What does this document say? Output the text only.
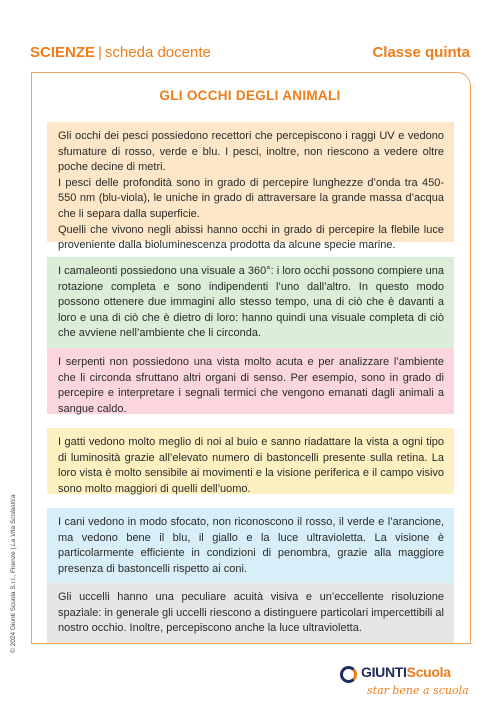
SCIENZE | scheda docente	Classe quinta
GLI OCCHI DEGLI ANIMALI

Gli occhi dei pesci possiedono recettori che percepiscono i raggi UV e vedono sfumature di rosso, verde e blu. I pesci, inoltre, non riescono a vedere oltre poche decine di metri.

I pesci delle profondità sono in grado di percepire lunghezze d’onda tra 450-550 nm (blu-viola), le uniche in grado di attraversare la grande massa d’acqua che li separa dalla superficie.

Quelli che vivono negli abissi hanno occhi in grado di percepire la flebile luce proveniente dalla bioluminescenza prodotta da alcune specie marine.

I camaleonti possiedono una visuale a 360°: i loro occhi possono compiere una rotazione completa e sono indipendenti l’uno dall’altro. In questo modo possono ottenere due immagini allo stesso tempo, una di ciò che è davanti a loro e una di ciò che è dietro di loro: hanno quindi una visuale completa di ciò che avviene nell’ambiente che li circonda.

I serpenti non possiedono una vista molto acuta e per analizzare l’ambiente che li circonda sfruttano altri organi di senso. Per esempio, sono in grado di percepire e interpretare i segnali termici che vengono emanati dagli animali a sangue caldo.

I gatti vedono molto meglio di noi al buio e sanno riadattare la vista a ogni tipo di luminosità grazie all’elevato numero di bastoncelli presente sulla retina. La loro vista è molto sensibile ai movimenti e la visione periferica e il campo visivo sono molto maggiori di quelli dell’uomo.

I cani vedono in modo sfocato, non riconoscono il rosso, il verde e l’arancione, ma vedono bene il blu, il giallo e la luce ultravioletta. La visione è particolarmente efficiente in condizioni di penombra, grazie alla maggiore presenza di bastoncelli rispetto ai coni.

Gli uccelli hanno una peculiare acuità visiva e un’eccellente risoluzione spaziale: in generale gli uccelli riescono a distinguere particolari impercettibili al nostro occhio. Inoltre, percepiscono anche la luce ultravioletta.

© 2024 Giunti Scuola S.r.l., Firenze | La Vita Scolastica
GIUNTIScuola
star bene a scuola
